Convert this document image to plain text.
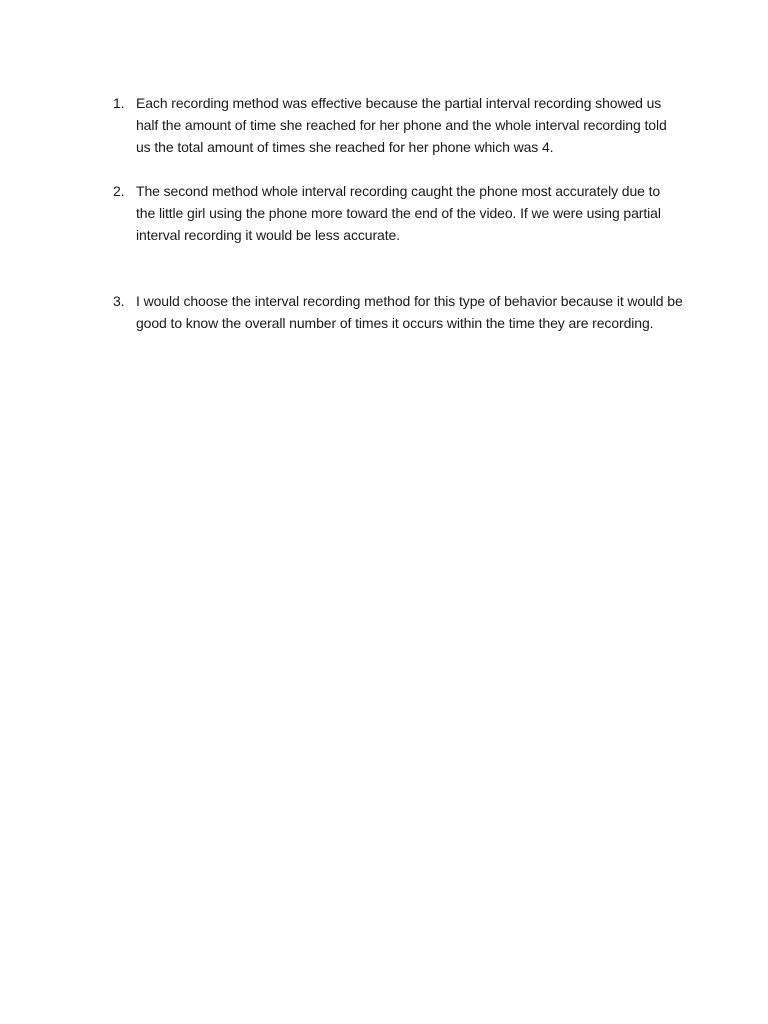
1. Each recording method was effective because the partial interval recording showed us half the amount of time she reached for her phone and the whole interval recording told us the total amount of times she reached for her phone which was 4.
2. The second method whole interval recording caught the phone most accurately due to the little girl using the phone more toward the end of the video. If we were using partial interval recording it would be less accurate.
3. I would choose the interval recording method for this type of behavior because it would be good to know the overall number of times it occurs within the time they are recording.
